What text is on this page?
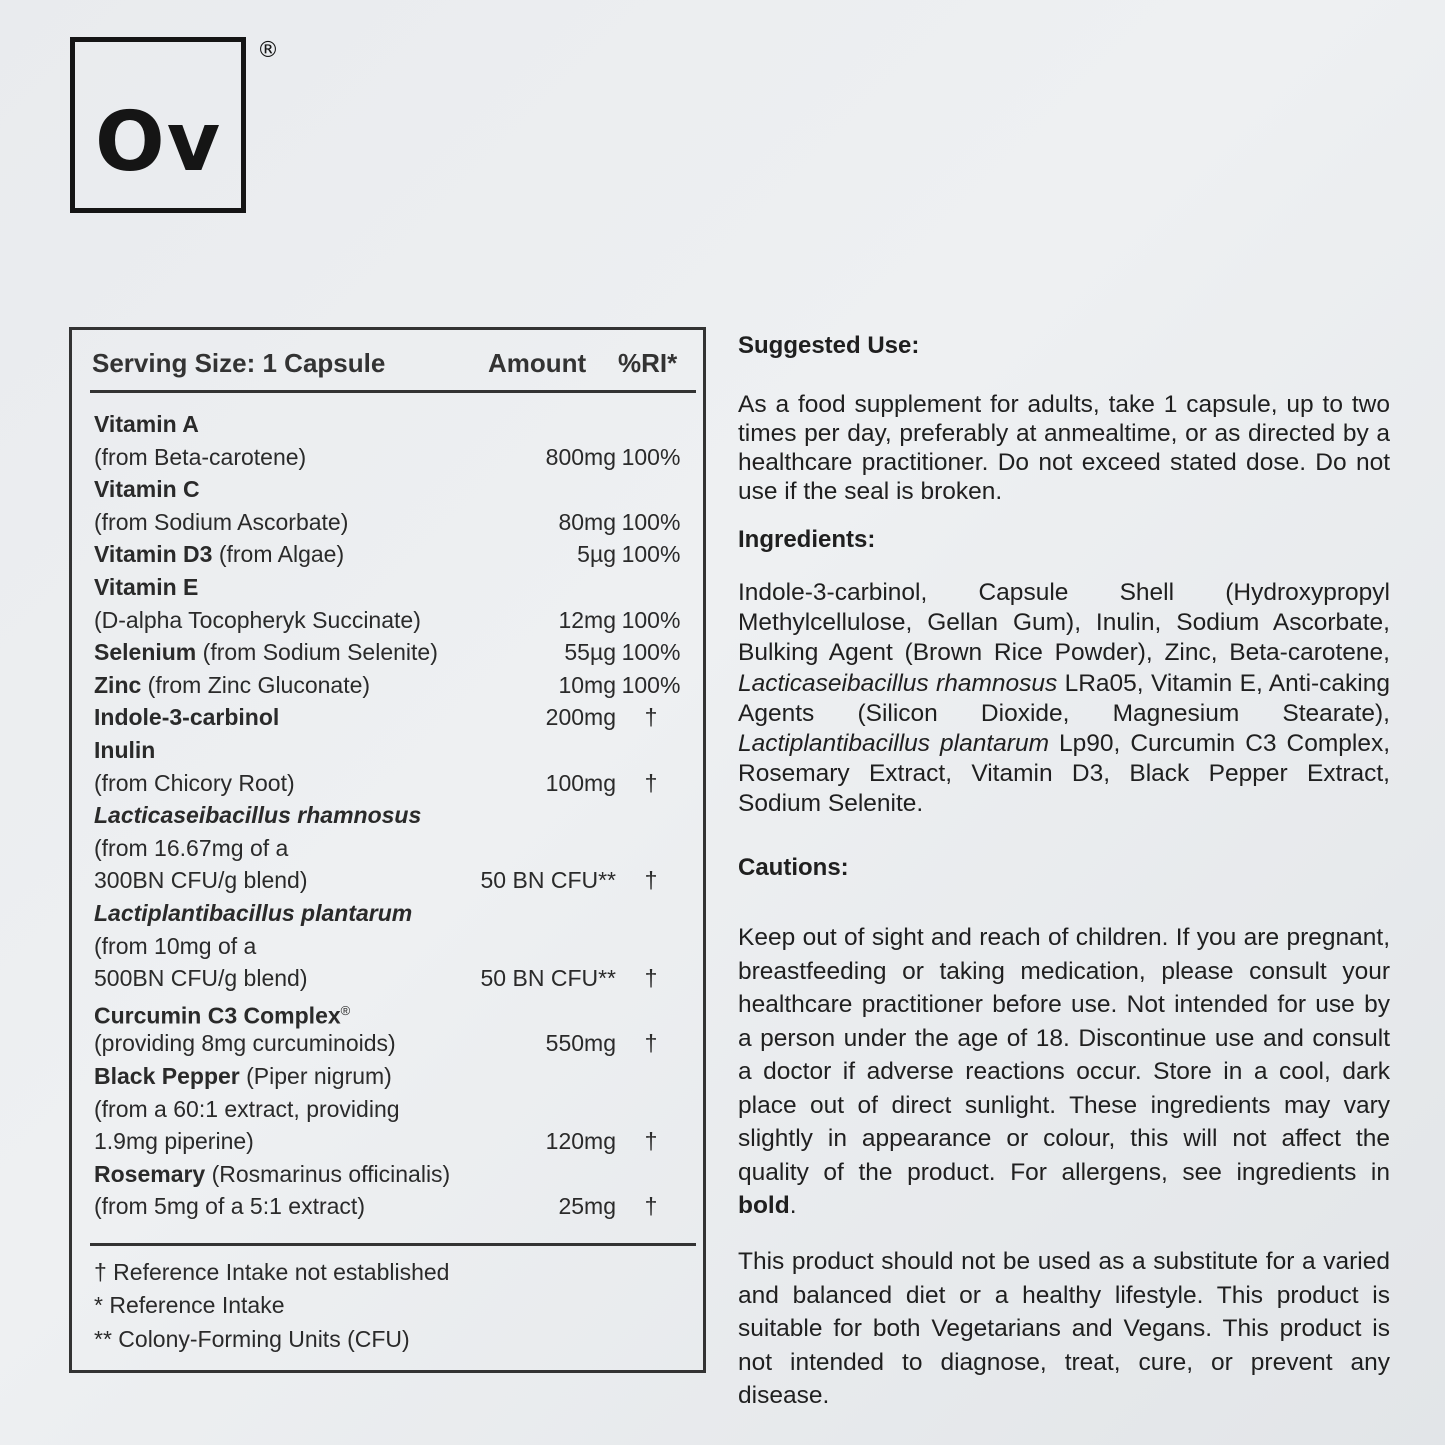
Ov
®
Serving Size: 1 Capsule	Amount %RI*
Vitamin A
(from Beta-carotene)	800mg 100%
Vitamin C
(from Sodium Ascorbate)	80mg 100%
Vitamin D3 (from Algae)	5µg 100%
Vitamin E
(D-alpha Tocopheryk Succinate)	12mg 100%
Selenium (from Sodium Selenite)	55µg 100%
Zinc (from Zinc Gluconate)	10mg 100%
Indole-3-carbinol	200mg	†
Inulin
(from Chicory Root)	100mg	†
Lacticaseibacillus rhamnosus
(from 16.67mg of a
300BN CFU/g blend)	50 BN CFU**	†
Lactiplantibacillus plantarum
(from 10mg of a
500BN CFU/g blend)	50 BN CFU**	†
Curcumin C3 Complex®
(providing 8mg curcuminoids)	550mg	†
Black Pepper (Piper nigrum)
(from a 60:1 extract, providing
1.9mg piperine)	120mg	†
Rosemary (Rosmarinus officinalis)
(from 5mg of a 5:1 extract)	25mg	†
† Reference Intake not established
* Reference Intake
** Colony-Forming Units (CFU)
Suggested Use:
As a food supplement for adults, take 1 capsule, up to two times per day, preferably at anmealtime, or as directed by a healthcare practitioner. Do not exceed stated dose. Do not use if the seal is broken.
Ingredients:
Indole-3-carbinol, Capsule Shell (Hydroxypropyl Methylcellulose, Gellan Gum), Inulin, Sodium Ascorbate, Bulking Agent (Brown Rice Powder), Zinc, Beta-carotene, Lacticaseibacillus rhamnosus LRa05, Vitamin E, Anti-caking Agents (Silicon Dioxide, Magnesium Stearate), Lactiplantibacillus plantarum Lp90, Curcumin C3 Complex, Rosemary Extract, Vitamin D3, Black Pepper Extract, Sodium Selenite.
Cautions:
Keep out of sight and reach of children. If you are pregnant, breastfeeding or taking medication, please consult your healthcare practitioner before use. Not intended for use by a person under the age of 18. Discontinue use and consult a doctor if adverse reactions occur. Store in a cool, dark place out of direct sunlight. These ingredients may vary slightly in appearance or colour, this will not affect the quality of the product. For allergens, see ingredients in bold.
This product should not be used as a substitute for a varied and balanced diet or a healthy lifestyle. This product is suitable for both Vegetarians and Vegans. This product is not intended to diagnose, treat, cure, or prevent any disease.
